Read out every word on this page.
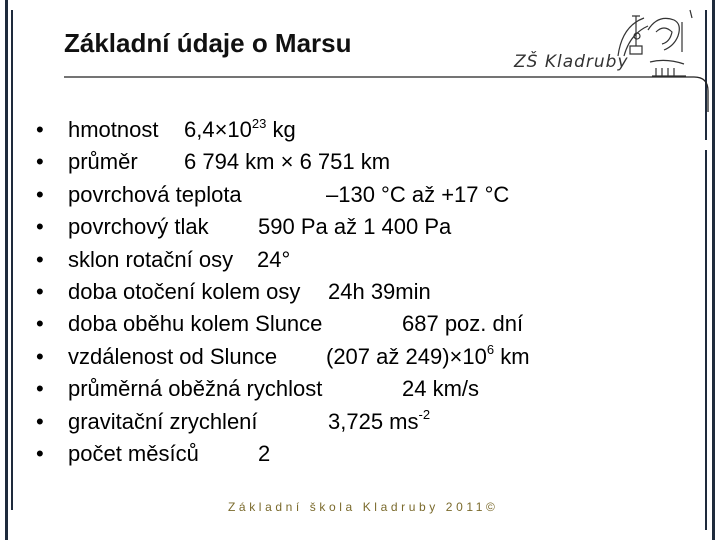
Základní údaje o Marsu
ZŠ Kladruby
•	hmotnost $6,4\times 10^{23}$ kg
•	průměr 6 794 km × 6 751 km
•	povrchová teplota	–130 °C až +17 °C
•	povrchový tlak 590 Pa až 1 400 Pa
•	sklon rotační osy 24°
•	doba otočení kolem osy 24h 39min
•	doba oběhu kolem Slunce	687 poz. dní
•	vzdálenost od Slunce (207 až $249)\times 10^6$ km
•	průměrná oběžná rychlost	24 km/s
•	gravitační zrychlení	3,725 $ms^{-2}$
•	počet měsíců	2
Základní škola Kladruby 2011©
